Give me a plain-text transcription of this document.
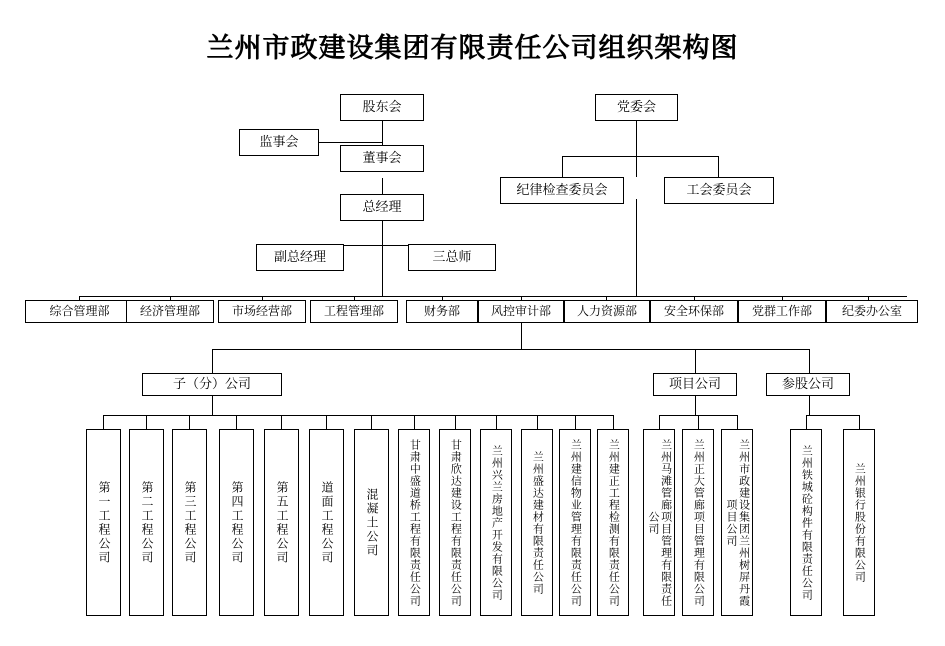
兰州市政建设集团有限责任公司组织架构图
股东会
监事会
董事会
总经理
党委会
纪律检查委员会	工会委员会
副总经理	三总师
综合管理部	经济管理部	市场经营部	工程管理部	财务部	风控审计部	人力资源部	安全环保部	党群工作部	纪委办公室
子（分）公司	项目公司	参股公司
第一工程公司	第二工程公司	第三工程公司	第四工程公司	第五工程公司	道面工程公司	混凝土公司	甘肃中盛道桥工程有限责任公司	甘肃欣达建设工程有限责任公司	兰州兴兰房地产开发有限公司	兰州盛达建材有限责任公司	兰州建信物业管理有限责任公司	兰州建正工程检测有限责任公司	兰州马滩管廊项目管理有限责任公司	兰州正大管廊项目管理有限公司	兰州市政建设集团兰州树屏丹霞项目公司	兰州铁城砼构件有限责任公司	兰州银行股份有限公司
